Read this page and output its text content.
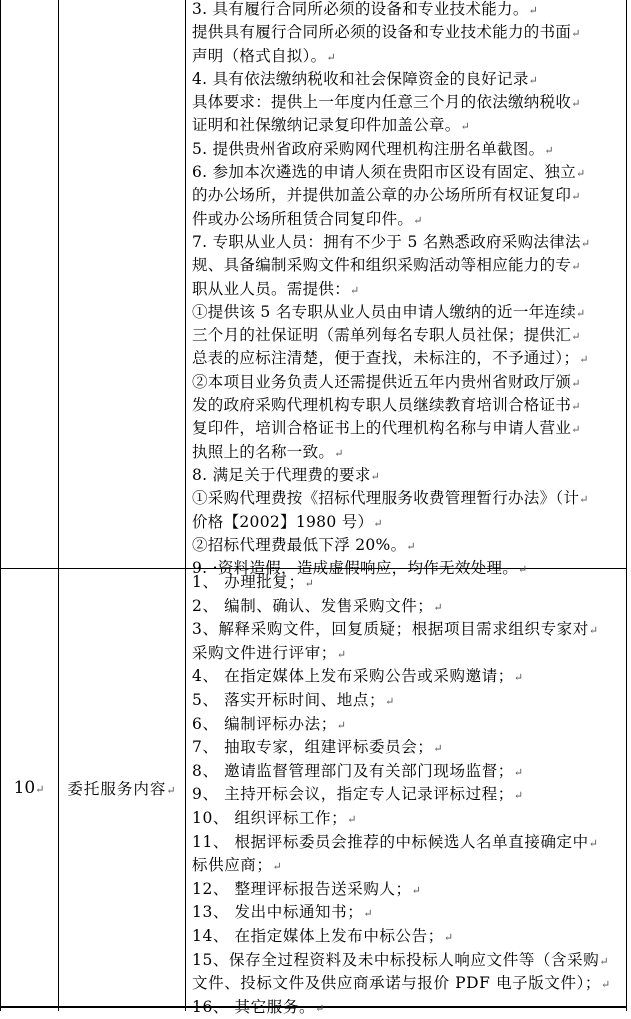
3. 具有履行合同所必须的设备和专业技术能力。↵
提供具有履行合同所必须的设备和专业技术能力的书面↵
声明（格式自拟）。↵
4. 具有依法缴纳税收和社会保障资金的良好记录↵
具体要求：提供上一年度内任意三个月的依法缴纳税收↵
证明和社保缴纳记录复印件加盖公章。↵
5. 提供贵州省政府采购网代理机构注册名单截图。↵
6. 参加本次遴选的申请人须在贵阳市区设有固定、独立↵
的办公场所，并提供加盖公章的办公场所所有权证复印↵
件或办公场所租赁合同复印件。↵
7. 专职从业人员：拥有不少于 5 名熟悉政府采购法律法↵
规、具备编制采购文件和组织采购活动等相应能力的专↵
职从业人员。需提供：↵
①提供该 5 名专职从业人员由申请人缴纳的近一年连续↵
三个月的社保证明（需单列每名专职人员社保；提供汇↵
总表的应标注清楚，便于查找，未标注的，不予通过）；↵
②本项目业务负责人还需提供近五年内贵州省财政厅颁↵
发的政府采购代理机构专职人员继续教育培训合格证书↵
复印件，培训合格证书上的代理机构名称与申请人营业↵
执照上的名称一致。↵
8. 满足关于代理费的要求↵
①采购代理费按《招标代理服务收费管理暂行办法》（计↵
价格【2002】1980 号）↵
②招标代理费最低下浮 20%。↵
9. ·资料造假，造成虚假响应，均作无效处理。↵
10↵	委托服务内容↵
1、 办理批复；↵
2、 编制、确认、发售采购文件；↵
3、解释采购文件，回复质疑；根据项目需求组织专家对↵
采购文件进行评审；↵
4、 在指定媒体上发布采购公告或采购邀请；↵
5、 落实开标时间、地点；↵
6、 编制评标办法；↵
7、 抽取专家，组建评标委员会；↵
8、 邀请监督管理部门及有关部门现场监督；↵
9、 主持开标会议，指定专人记录评标过程；↵
10、 组织评标工作；↵
11、 根据评标委员会推荐的中标候选人名单直接确定中↵
标供应商；↵
12、 整理评标报告送采购人；↵
13、 发出中标通知书；↵
14、 在指定媒体上发布中标公告；↵
15、保存全过程资料及未中标投标人响应文件等（含采购↵
文件、投标文件及供应商承诺与报价 PDF 电子版文件）；↵
16、 其它服务。↵
